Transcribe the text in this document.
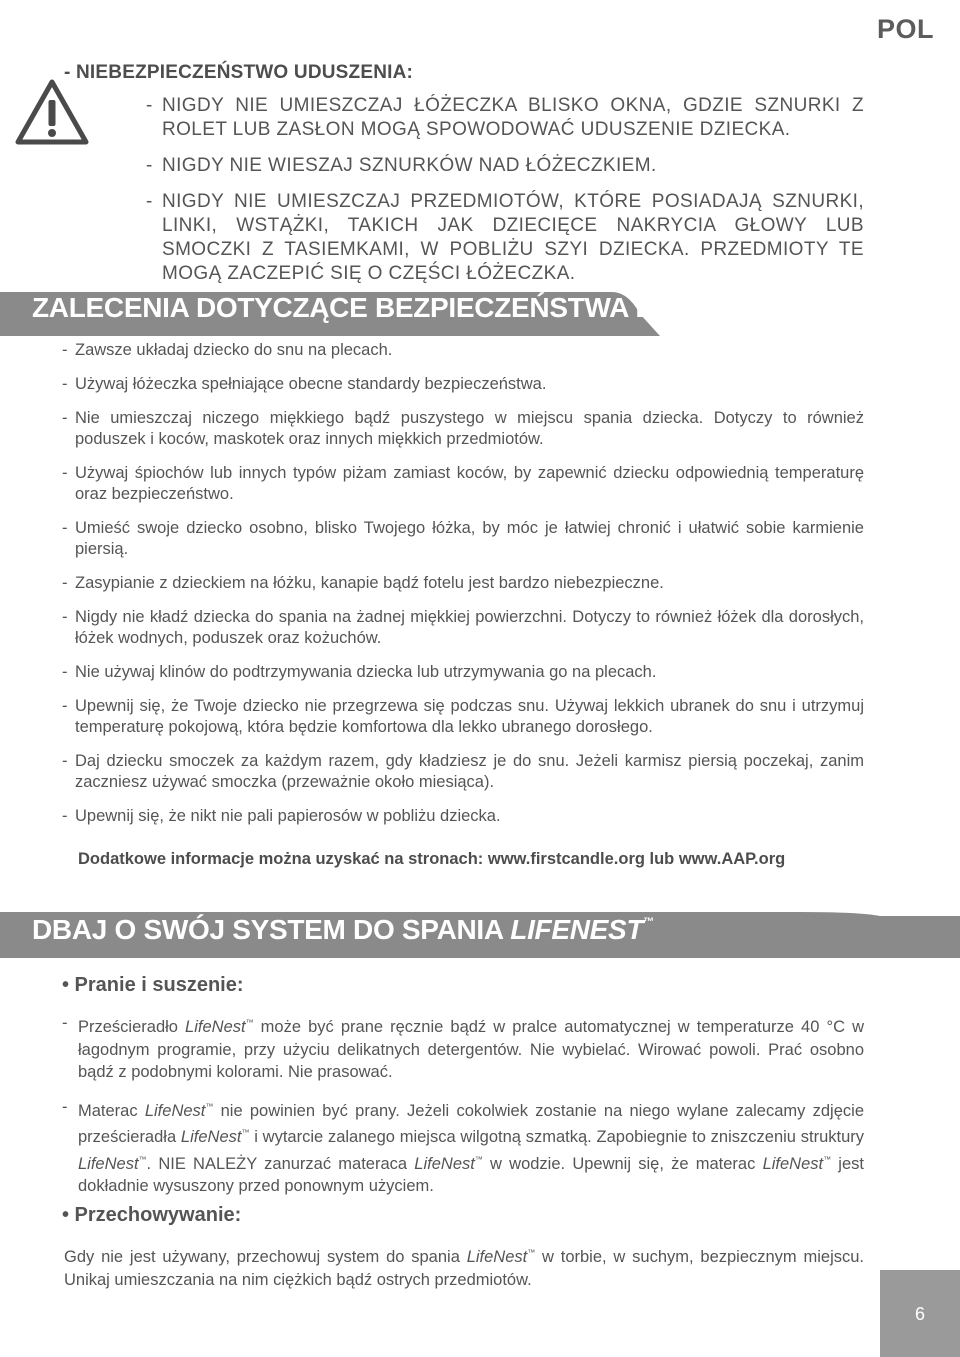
POL
- NIEBEZPIECZEŃSTWO UDUSZENIA:
- NIGDY NIE UMIESZCZAJ ŁÓŻECZKA BLISKO OKNA, GDZIE SZNURKI Z ROLET LUB ZASŁON MOGĄ SPOWODOWAĆ UDUSZENIE DZIECKA.
- NIGDY NIE WIESZAJ SZNURKÓW NAD ŁÓŻECZKIEM.
- NIGDY NIE UMIESZCZAJ PRZEDMIOTÓW, KTÓRE POSIADAJĄ SZNURKI, LINKI, WSTĄŻKI, TAKICH JAK DZIECIĘCE NAKRYCIA GŁOWY LUB SMOCZKI Z TASIEMKAMI, W POBLIŻU SZYI DZIECKA. PRZEDMIOTY TE MOGĄ ZACZEPIĆ SIĘ O CZĘŚCI ŁÓŻECZKA.
ZALECENIA DOTYCZĄCE BEZPIECZEŃSTWA DZIECKA
- Zawsze układaj dziecko do snu na plecach.
- Używaj łóżeczka spełniające obecne standardy bezpieczeństwa.
- Nie umieszczaj niczego miękkiego bądź puszystego w miejscu spania dziecka. Dotyczy to również poduszek i koców, maskotek oraz innych miękkich przedmiotów.
- Używaj śpiochów lub innych typów piżam zamiast koców, by zapewnić dziecku odpowiednią temperaturę oraz bezpieczeństwo.
- Umieść swoje dziecko osobno, blisko Twojego łóżka, by móc je łatwiej chronić i ułatwić sobie karmienie piersią.
- Zasypianie z dzieckiem na łóżku, kanapie bądź fotelu jest bardzo niebezpieczne.
- Nigdy nie kładź dziecka do spania na żadnej miękkiej powierzchni. Dotyczy to również łóżek dla dorosłych, łóżek wodnych, poduszek oraz kożuchów.
- Nie używaj klinów do podtrzymywania dziecka lub utrzymywania go na plecach.
- Upewnij się, że Twoje dziecko nie przegrzewa się podczas snu. Używaj lekkich ubranek do snu i utrzymuj temperaturę pokojową, która będzie komfortowa dla lekko ubranego dorosłego.
- Daj dziecku smoczek za każdym razem, gdy kładziesz je do snu. Jeżeli karmisz piersią poczekaj, zanim zaczniesz używać smoczka (przeważnie około miesiąca).
- Upewnij się, że nikt nie pali papierosów w pobliżu dziecka.
Dodatkowe informacje można uzyskać na stronach: www.firstcandle.org lub www.AAP.org
DBAJ O SWÓJ SYSTEM DO SPANIA LIFENEST™
• Pranie i suszenie:
- Prześcieradło LifeNest™ może być prane ręcznie bądź w pralce automatycznej w temperaturze 40 °C w łagodnym programie, przy użyciu delikatnych detergentów. Nie wybielać. Wirować powoli. Prać osobno bądź z podobnymi kolorami. Nie prasować.
- Materac LifeNest™ nie powinien być prany. Jeżeli cokolwiek zostanie na niego wylane zalecamy zdjęcie prześcieradła LifeNest™ i wytarcie zalanego miejsca wilgotną szmatką. Zapobiegnie to zniszczeniu struktury LifeNest™. NIE NALEŻY zanurzać materaca LifeNest™ w wodzie. Upewnij się, że materac LifeNest™ jest dokładnie wysuszony przed ponownym użyciem.
• Przechowywanie:
Gdy nie jest używany, przechowuj system do spania LifeNest™ w torbie, w suchym, bezpiecznym miejscu. Unikaj umieszczania na nim ciężkich bądź ostrych przedmiotów.
6
